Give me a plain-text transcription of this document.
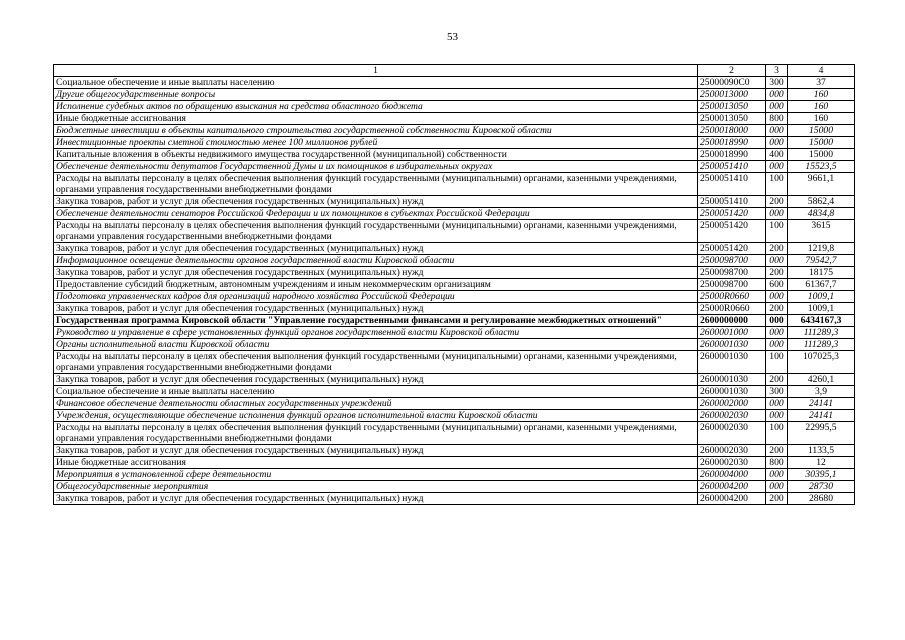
53
1	2	3	4
Социальное обеспечение и иные выплаты населению	25000090С0	300	37
Другие общегосударственные вопросы	2500013000	000	160
Исполнение судебных актов по обращению взыскания на средства областного бюджета	2500013050	000	160
Иные бюджетные ассигнования	2500013050	800	160
Бюджетные инвестиции в объекты капитального строительства государственной собственности Кировской области	2500018000	000	15000
Инвестиционные проекты сметной стоимостью менее 100 миллионов рублей	2500018990	000	15000
Капитальные вложения в объекты недвижимого имущества государственной (муниципальной) собственности	2500018990	400	15000
Обеспечение деятельности депутатов Государственной Думы и их помощников в избирательных округах	2500051410	000	15523,5
Расходы на выплаты персоналу в целях обеспечения выполнения функций государственными (муниципальными) органами, казенными учреждениями, органами управления государственными внебюджетными фондами	2500051410	100	9661,1
Закупка товаров, работ и услуг для обеспечения государственных (муниципальных) нужд	2500051410	200	5862,4
Обеспечение деятельности сенаторов Российской Федерации и их помощников в субъектах Российской Федерации	2500051420	000	4834,8
Расходы на выплаты персоналу в целях обеспечения выполнения функций государственными (муниципальными) органами, казенными учреждениями, органами управления государственными внебюджетными фондами	2500051420	100	3615
Закупка товаров, работ и услуг для обеспечения государственных (муниципальных) нужд	2500051420	200	1219,8
Информационное освещение деятельности органов государственной власти Кировской области	2500098700	000	79542,7
Закупка товаров, работ и услуг для обеспечения государственных (муниципальных) нужд	2500098700	200	18175
Предоставление субсидий бюджетным, автономным учреждениям и иным некоммерческим организациям	2500098700	600	61367,7
Подготовка управленческих кадров для организаций народного хозяйства Российской Федерации	25000R0660	000	1009,1
Закупка товаров, работ и услуг для обеспечения государственных (муниципальных) нужд	25000R0660	200	1009,1
Государственная программа Кировской области "Управление государственными финансами и регулирование межбюджетных отношений"	2600000000	000	6434167,3
Руководство и управление в сфере установленных функций органов государственной власти Кировской области	2600001000	000	111289,3
Органы исполнительной власти Кировской области	2600001030	000	111289,3
Расходы на выплаты персоналу в целях обеспечения выполнения функций государственными (муниципальными) органами, казенными учреждениями, органами управления государственными внебюджетными фондами	2600001030	100	107025,3
Закупка товаров, работ и услуг для обеспечения государственных (муниципальных) нужд	2600001030	200	4260,1
Социальное обеспечение и иные выплаты населению	2600001030	300	3,9
Финансовое обеспечение деятельности областных государственных учреждений	2600002000	000	24141
Учреждения, осуществляющие обеспечение исполнения функций органов исполнительной власти Кировской области	2600002030	000	24141
Расходы на выплаты персоналу в целях обеспечения выполнения функций государственными (муниципальными) органами, казенными учреждениями, органами управления государственными внебюджетными фондами	2600002030	100	22995,5
Закупка товаров, работ и услуг для обеспечения государственных (муниципальных) нужд	2600002030	200	1133,5
Иные бюджетные ассигнования	2600002030	800	12
Мероприятия в установленной сфере деятельности	2600004000	000	30395,1
Общегосударственные мероприятия	2600004200	000	28730
Закупка товаров, работ и услуг для обеспечения государственных (муниципальных) нужд	2600004200	200	28680
